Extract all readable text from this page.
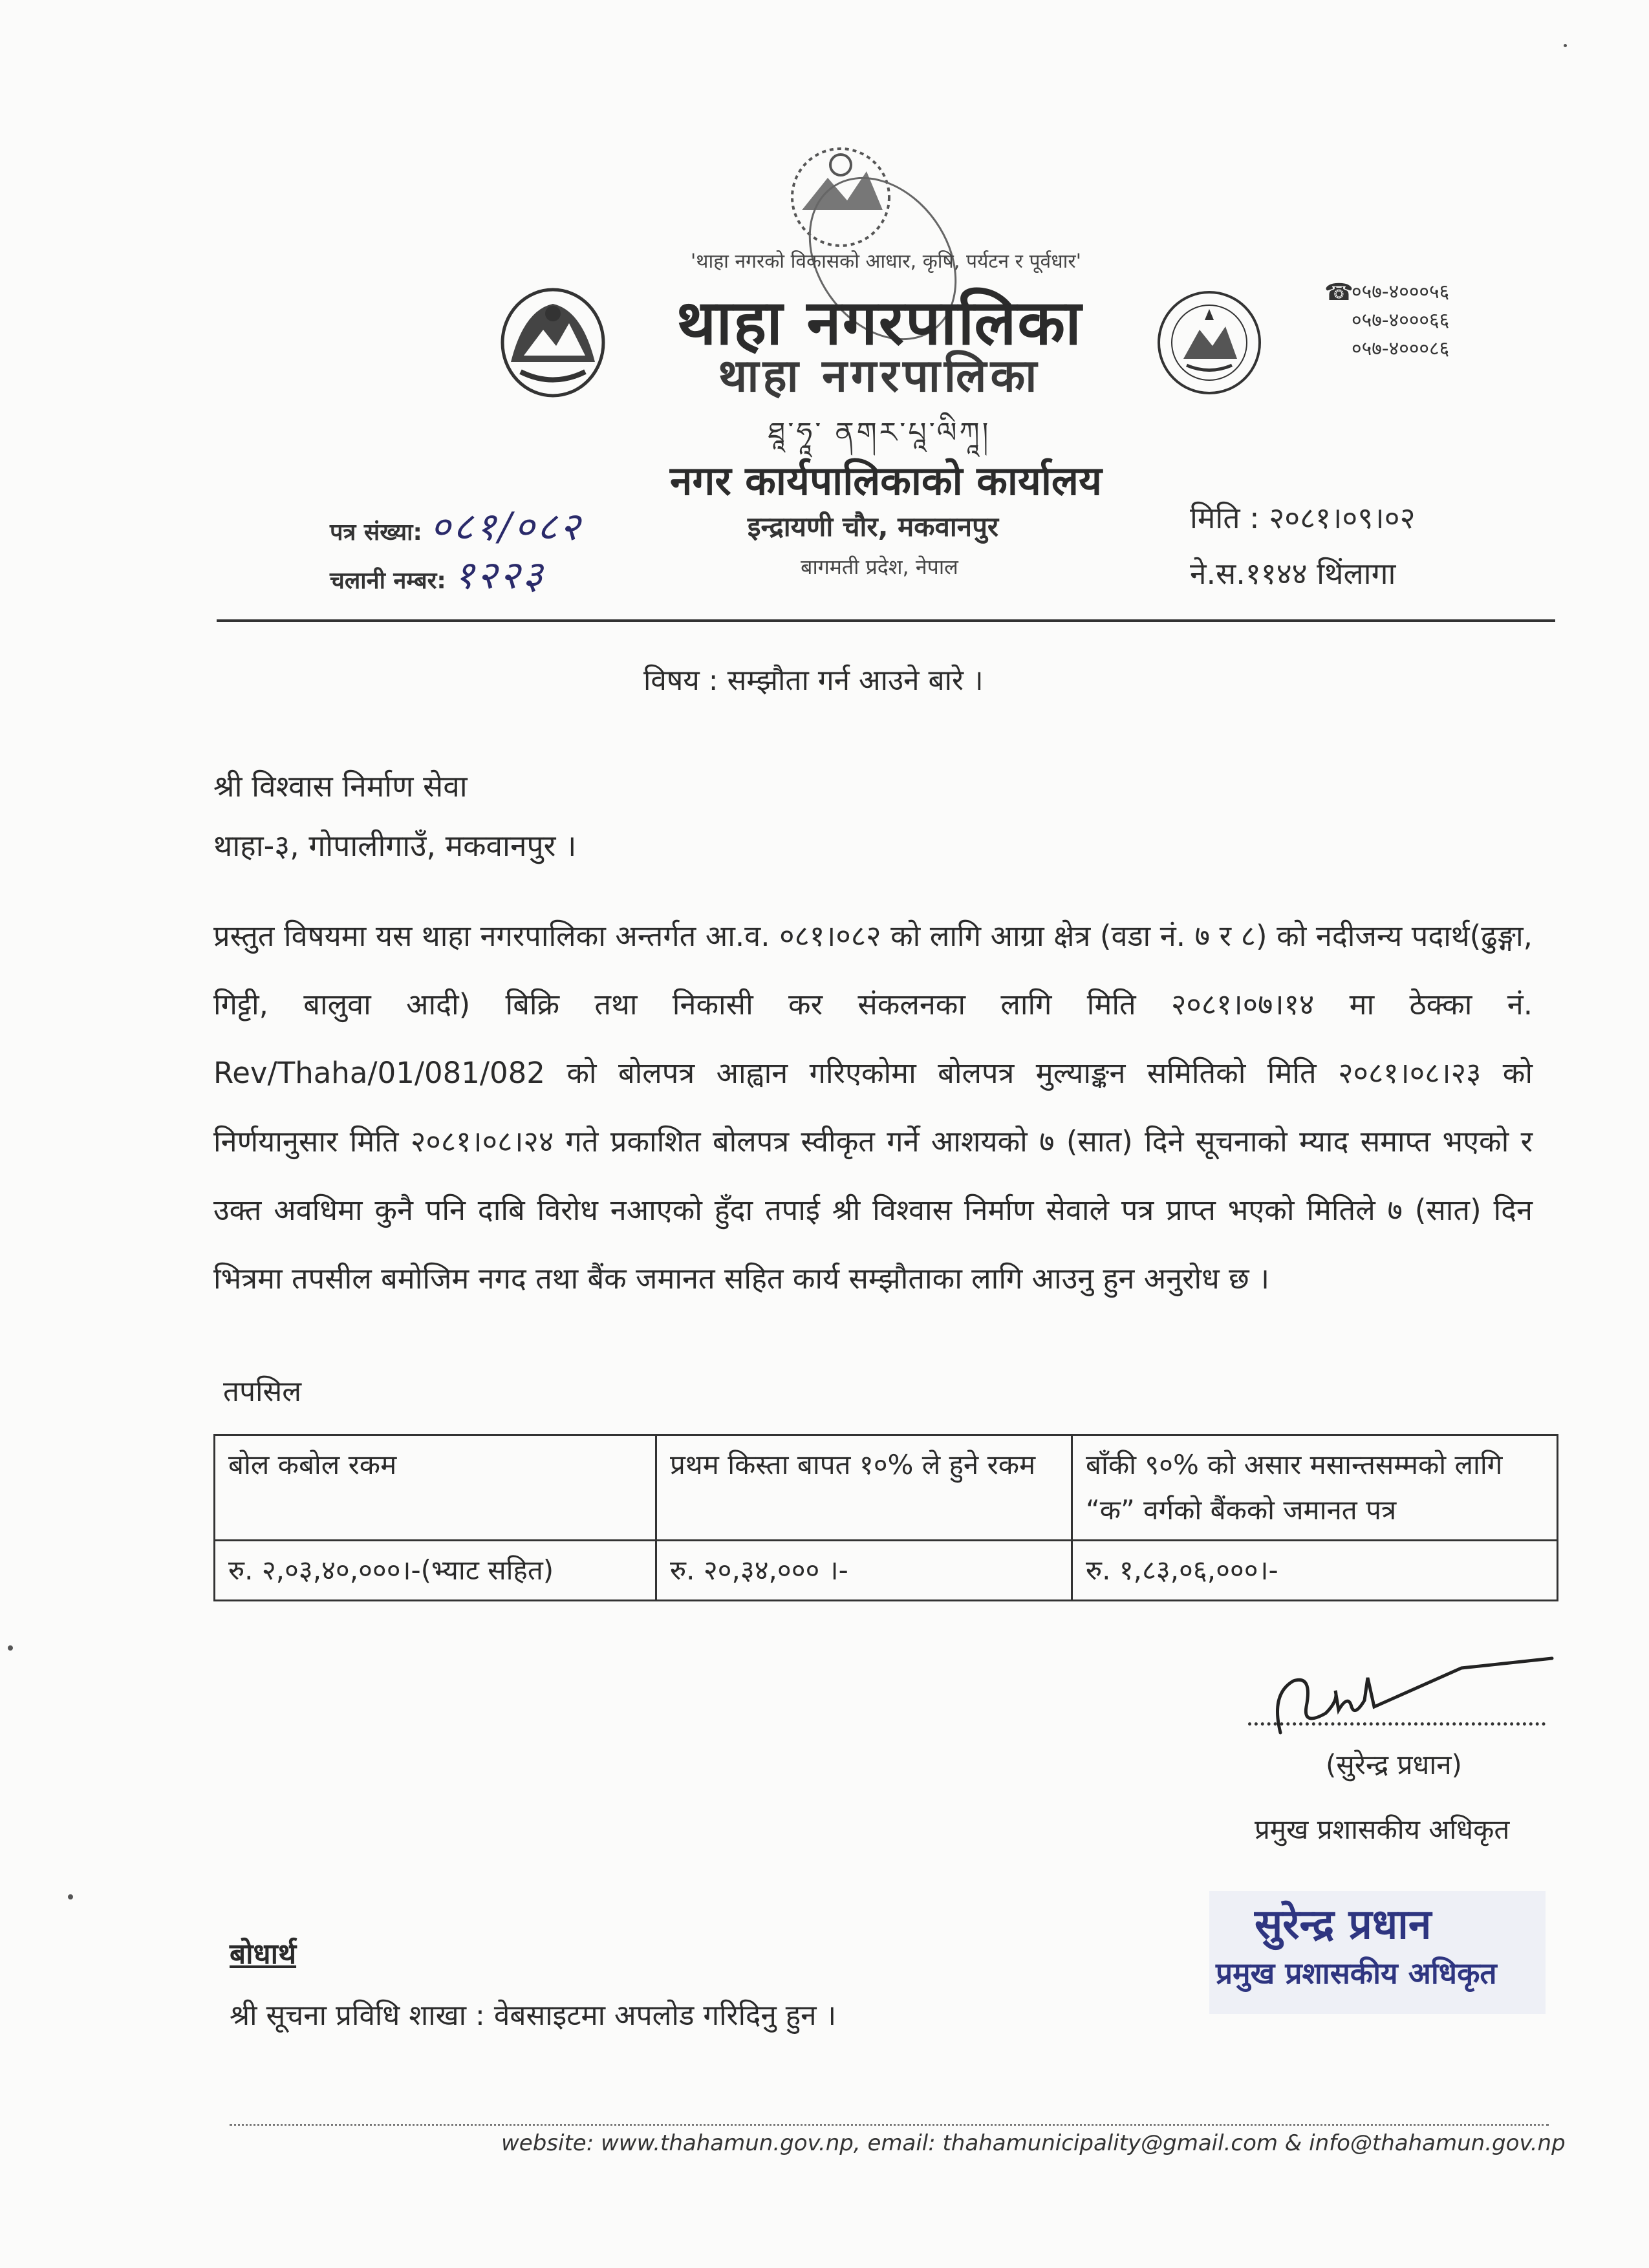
'थाहा नगरको विकासको आधार, कृषि, पर्यटन र पूर्वधार'
थाहा नगरपालिका
थाहा नगरपालिका
ཐཱ་ཧཱ་ ནགར་པཱ་ལིཀཱ།
नगर कार्यपालिकाको कार्यालय
इन्द्रायणी चौर, मकवानपुर
बागमती प्रदेश, नेपाल
☎
०५७-४०००५६
०५७-४०००६६
०५७-४०००८६
पत्र संख्या: ०८१/०८२
चलानी नम्बर: १२२३
मिति : २०८१।०९।०२
ने.स.११४४ थिंलागा
विषय : सम्झौता गर्न आउने बारे ।
श्री विश्वास निर्माण सेवा
थाहा-३, गोपालीगाउँ, मकवानपुर ।
प्रस्तुत विषयमा यस थाहा नगरपालिका अन्तर्गत आ.व. ०८१।०८२ को लागि आग्रा क्षेत्र (वडा नं. ७ र ८) को नदीजन्य पदार्थ(ढुङ्गा, गिट्टी, बालुवा आदी) बिक्रि तथा निकासी कर संकलनका लागि मिति २०८१।०७।१४ मा ठेक्का नं. Rev/Thaha/01/081/082 को बोलपत्र आह्वान गरिएकोमा बोलपत्र मुल्याङ्कन समितिको मिति २०८१।०८।२३ को निर्णयानुसार मिति २०८१।०८।२४ गते प्रकाशित बोलपत्र स्वीकृत गर्ने आशयको ७ (सात) दिने सूचनाको म्याद समाप्त भएको र उक्त अवधिमा कुनै पनि दाबि विरोध नआएको हुँदा तपाई श्री विश्वास निर्माण सेवाले पत्र प्राप्त भएको मितिले ७ (सात) दिन भित्रमा तपसील बमोजिम नगद तथा बैंक जमानत सहित कार्य सम्झौताका लागि आउनु हुन अनुरोध छ ।
तपसिल
बोल कबोल रकम	प्रथम किस्ता बापत १०% ले हुने रकम	बाँकी ९०% को असार मसान्तसम्मको लागि “क” वर्गको बैंकको जमानत पत्र
रु. २,०३,४०,०००।-(भ्याट सहित)	रु. २०,३४,००० ।-	रु. १,८३,०६,०००।-
(सुरेन्द्र प्रधान)
प्रमुख प्रशासकीय अधिकृत
सुरेन्द्र प्रधान
प्रमुख प्रशासकीय अधिकृत
बोधार्थ
श्री सूचना प्रविधि शाखा : वेबसाइटमा अपलोड गरिदिनु हुन ।
website: www.thahamun.gov.np, email: thahamunicipality@gmail.com & info@thahamun.gov.np
